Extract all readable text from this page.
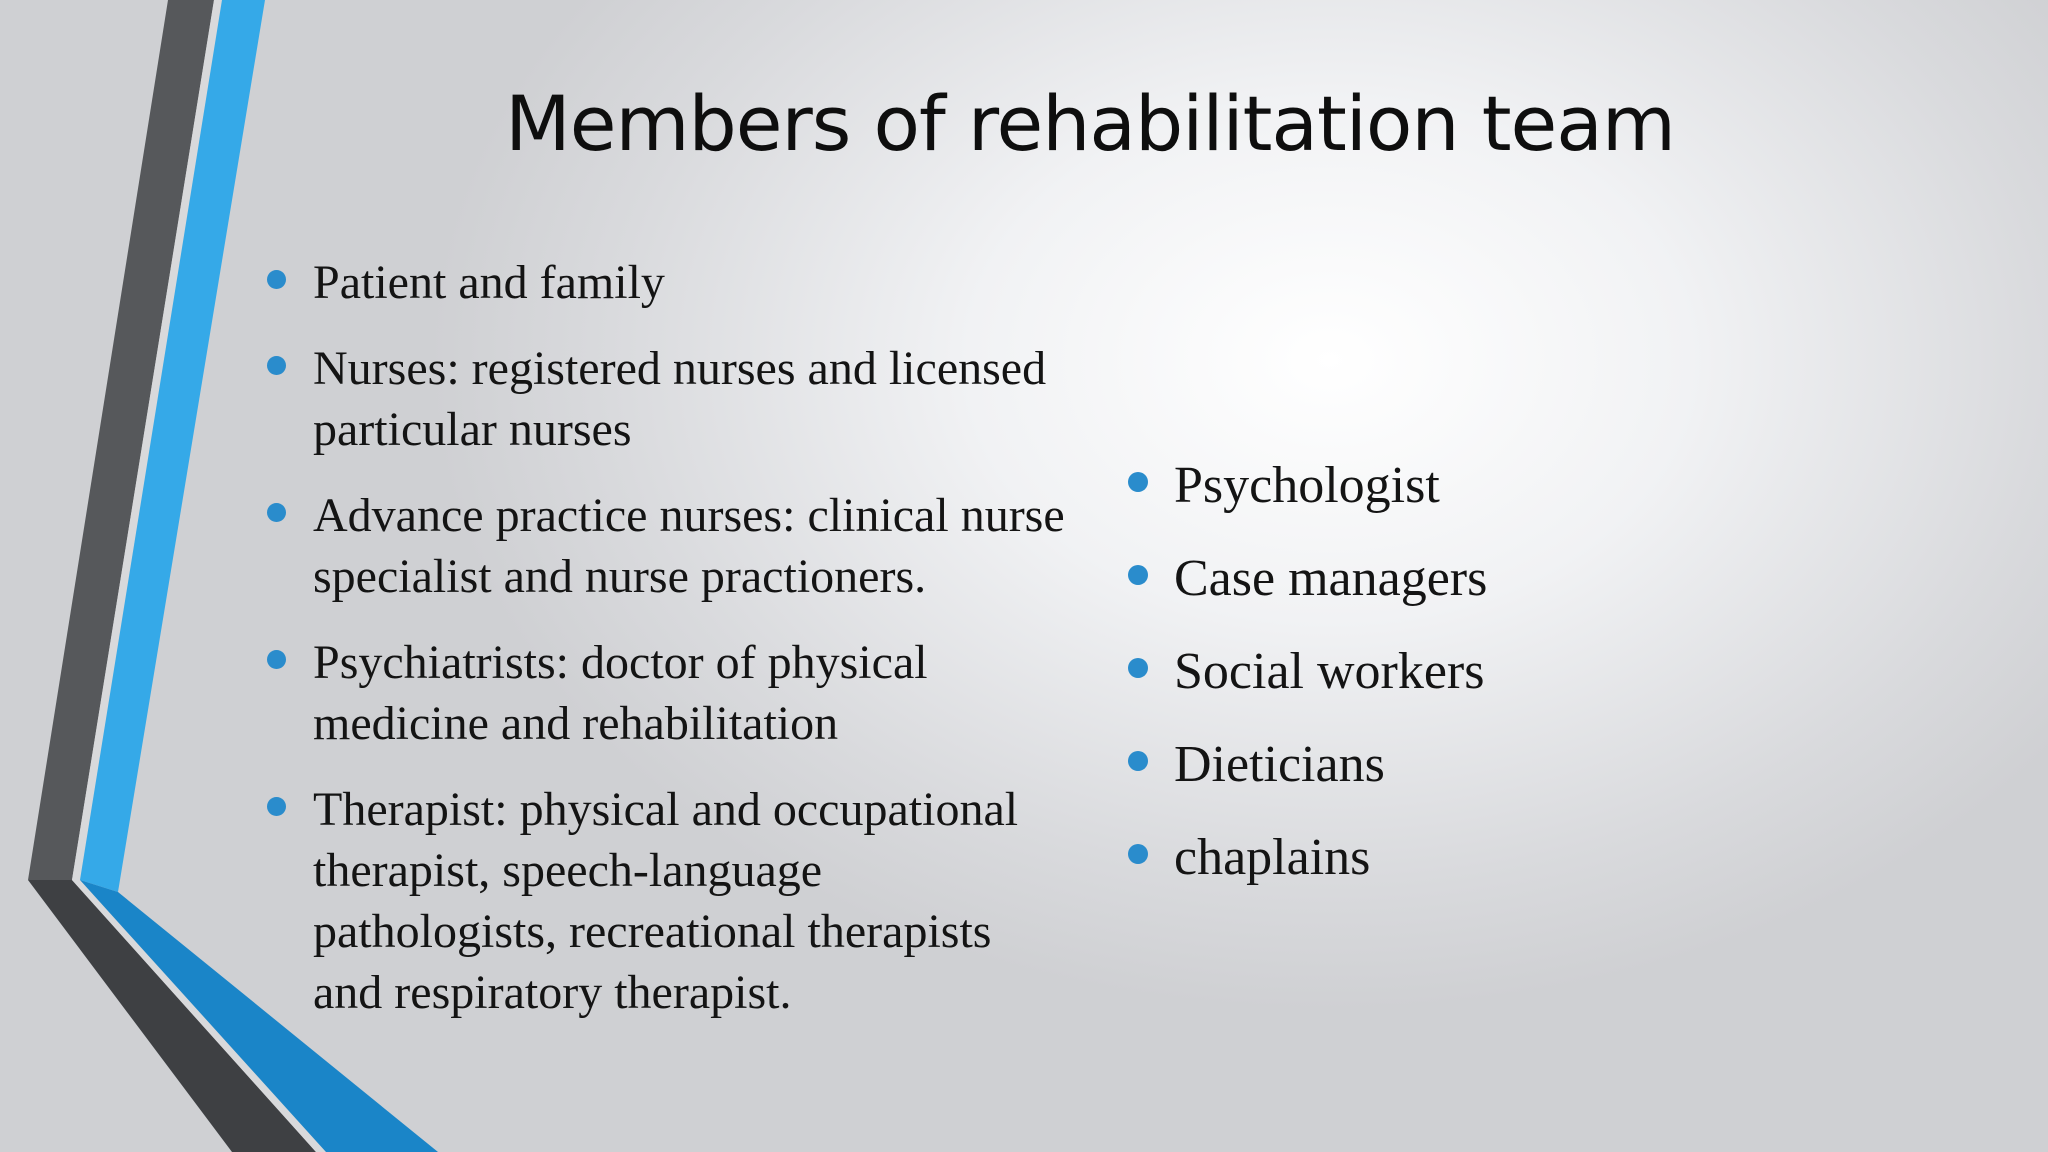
Members of rehabilitation team
Patient and family
Nurses: registered nurses and licensed particular nurses
Advance practice nurses: clinical nurse specialist and nurse practioners.
Psychiatrists: doctor of physical medicine and rehabilitation
Therapist: physical and occupational therapist, speech-language pathologists, recreational therapists and respiratory therapist.
Psychologist
Case managers
Social workers
Dieticians
chaplains
